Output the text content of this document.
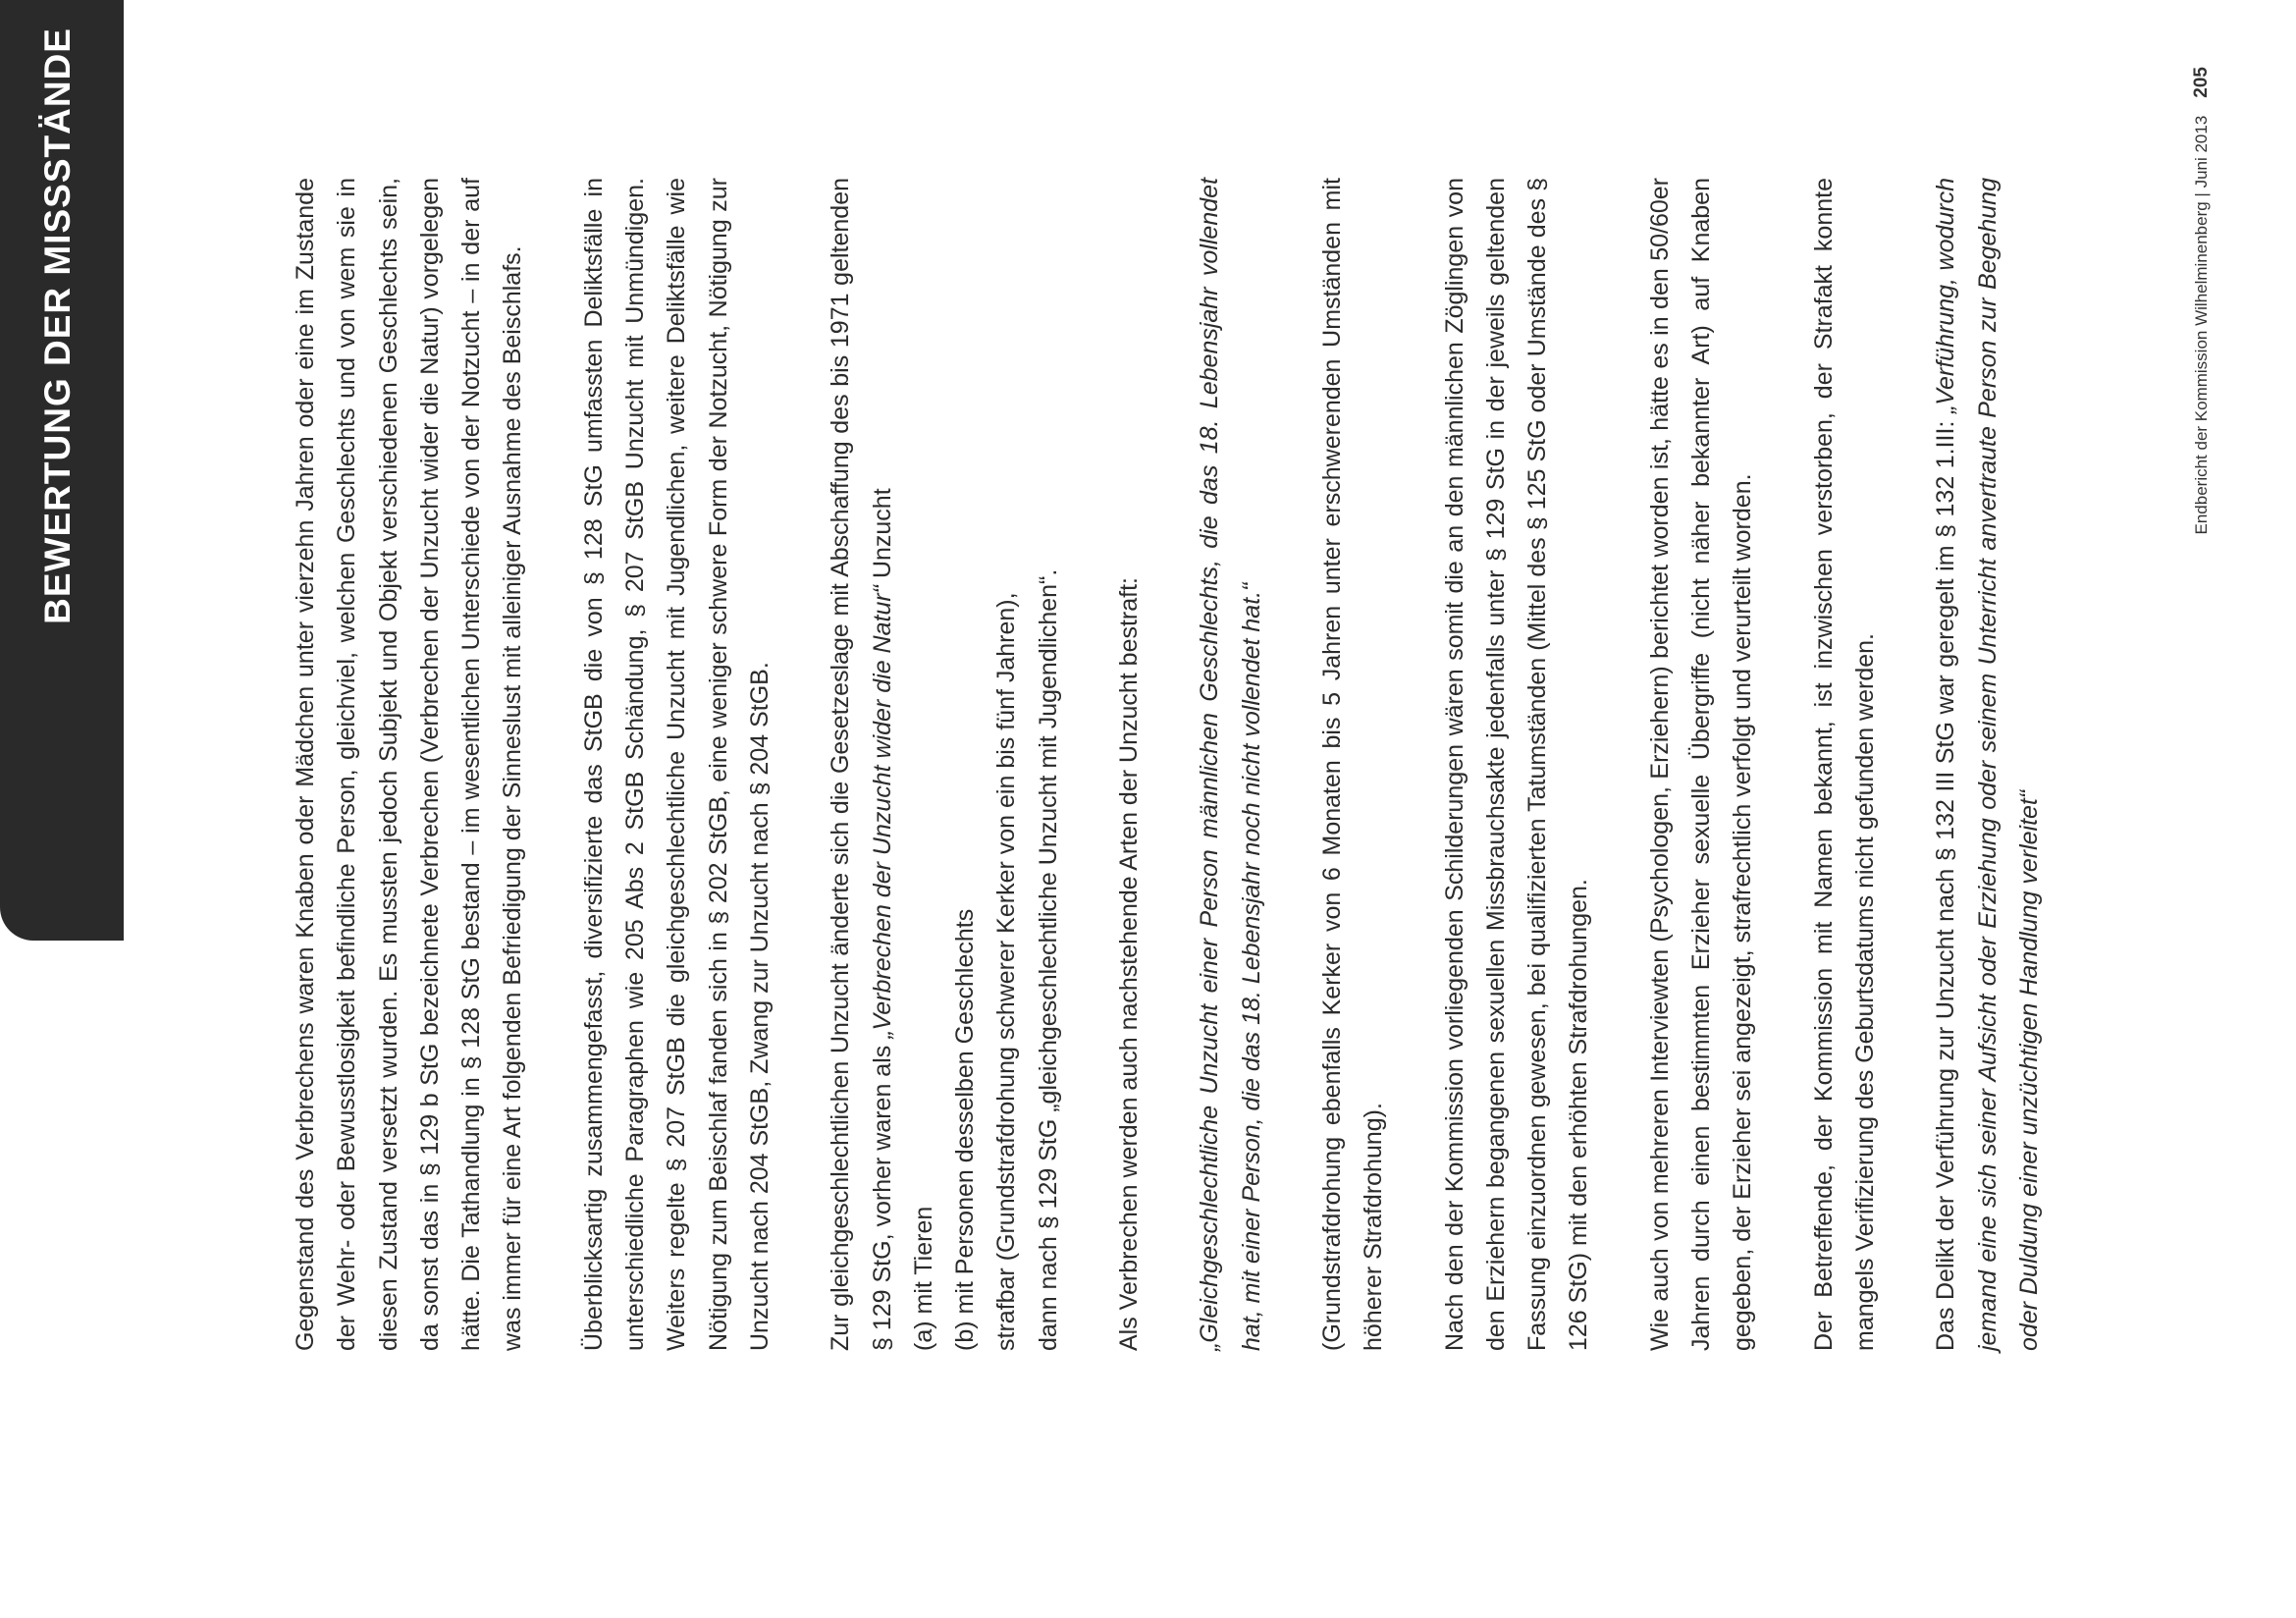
BEWERTUNG DER MISSSTÄNDE	Gegenstand des Verbrechens waren Knaben oder Mädchen unter vierzehn Jahren oder eine im Zustande der Wehr- oder Bewusstlosigkeit befindliche Person, gleichviel, welchen Geschlechts und von wem sie in diesen Zustand versetzt wurden. Es mussten jedoch Subjekt und Objekt verschiedenen Geschlechts sein, da sonst das in § 129 b StG bezeichnete Verbrechen (Verbrechen der Unzucht wider die Natur) vorgelegen hätte. Die Tathandlung in § 128 StG bestand – im wesentlichen Unterschiede von der Notzucht – in der auf was immer für eine Art folgenden Befriedigung der Sinneslust mit alleiniger Ausnahme des Beischlafs. Überblicksartig zusammengefasst, diversifizierte das StGB die von § 128 StG umfassten Deliktsfälle in unterschiedliche Paragraphen wie 205 Abs 2 StGB Schändung, § 207 StGB Unzucht mit Unmündigen. Weiters regelte § 207 StGB die gleichgeschlechtliche Unzucht mit Jugendlichen, weitere Deliktsfälle wie Nötigung zum Beischlaf fanden sich in § 202 StGB, eine weniger schwere Form der Notzucht, Nötigung zur Unzucht nach 204 StGB, Zwang zur Unzucht nach § 204 StGB. Zur gleichgeschlechtlichen Unzucht änderte sich die Gesetzeslage mit Abschaffung des bis 1971 geltenden § 129 StG, vorher waren als „Verbrechen der Unzucht wider die Natur“ Unzucht
(a) mit Tieren (b) mit Personen desselben Geschlechts strafbar (Grundstrafdrohung schwerer Kerker von ein bis fünf Jahren), dann nach § 129 StG „gleichgeschlechtliche Unzucht mit Jugendlichen“. Als Verbrechen werden auch nachstehende Arten der Unzucht bestraft: „Gleichgeschlechtliche Unzucht einer Person männlichen Geschlechts, die das 18. Lebensjahr vollendet hat, mit einer Person, die das 18. Lebensjahr noch nicht vollendet hat.“ (Grundstrafdrohung ebenfalls Kerker von 6 Monaten bis 5 Jahren unter erschwerenden Umständen mit höherer Strafdrohung). Nach den der Kommission vorliegenden Schilderungen wären somit die an den männlichen Zöglingen von den Erziehern begangenen sexuellen Missbrauchsakte jedenfalls unter § 129 StG in der jeweils geltenden Fassung einzuordnen gewesen, bei qualifizierten Tatumständen (Mittel des § 125 StG oder Umstände des § 126 StG) mit den erhöhten Strafdrohungen. Wie auch von mehreren Interviewten (Psychologen, Erziehern) berichtet worden ist, hätte es in den 50/60er Jahren durch einen bestimmten Erzieher sexuelle Übergriffe (nicht näher bekannter Art) auf Knaben gegeben, der Erzieher sei angezeigt, strafrechtlich verfolgt und verurteilt worden. Der Betreffende, der Kommission mit Namen bekannt, ist inzwischen verstorben, der Strafakt konnte mangels Verifizierung des Geburtsdatums nicht gefunden werden. Das Delikt der Verführung zur Unzucht nach § 132 III StG war geregelt im § 132 1.III: „Verführung, wodurch jemand eine sich seiner Aufsicht oder Erziehung oder seinem Unterricht anvertraute Person zur Begehung oder Duldung einer unzüchtigen Handlung verleitet“

Endbericht der Kommission Wilhelminenberg | Juni 2013205
